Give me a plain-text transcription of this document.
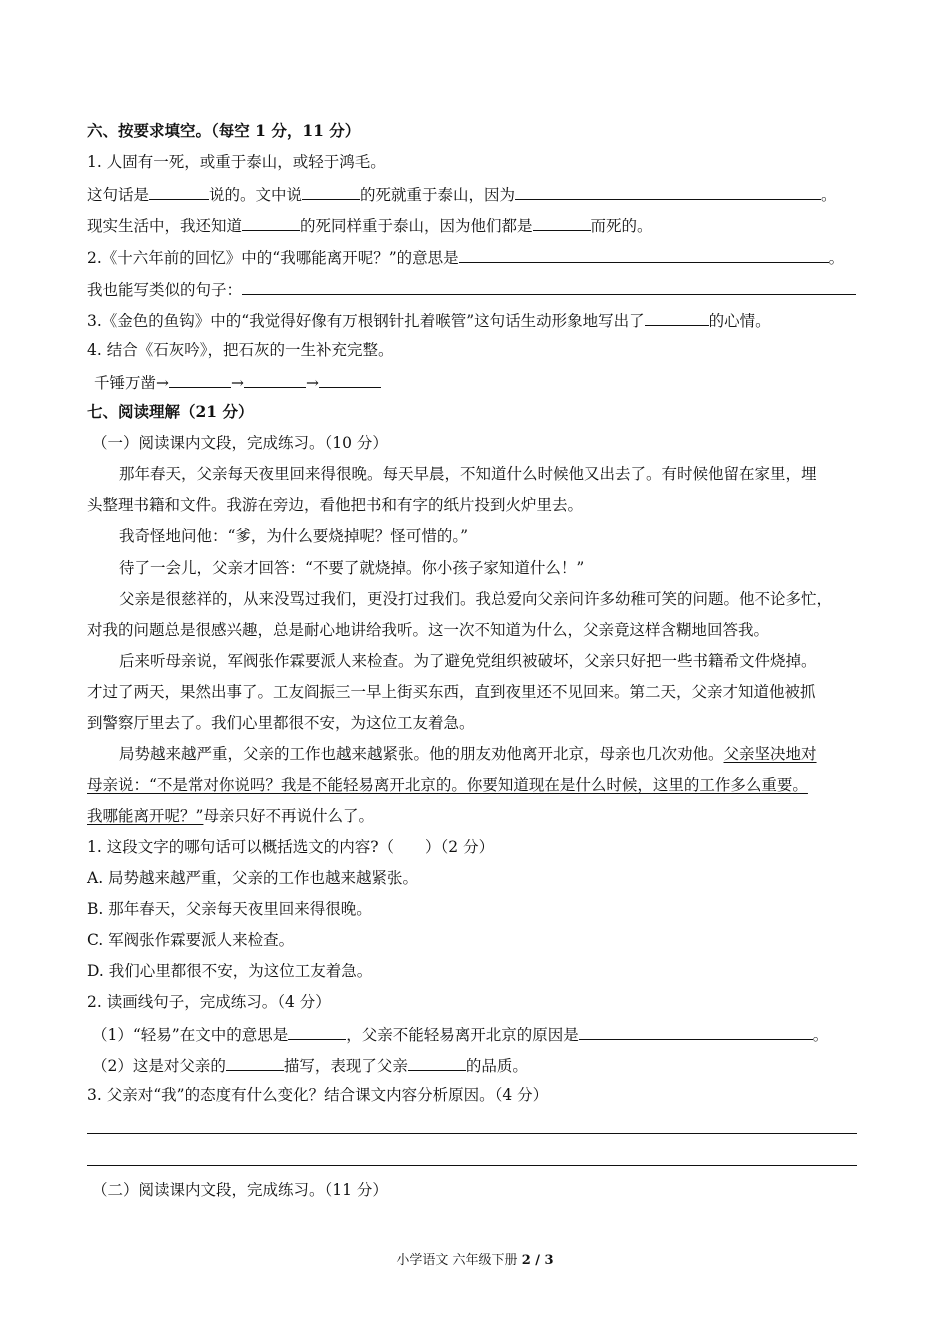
六、按要求填空。（每空 1 分，11 分）
1. 人固有一死，或重于泰山，或轻于鸿毛。
这句话是	说的。文中说	的死就重于泰山，因为	。
现实生活中，我还知道	的死同样重于泰山，因为他们都是	而死的。
2.《十六年前的回忆》中的“我哪能离开呢？”的意思是	。
我也能写类似的句子：
3.《金色的鱼钩》中的“我觉得好像有万根钢针扎着喉管”这句话生动形象地写出了	的心情。
4. 结合《石灰吟》，把石灰的一生补充完整。
千锤万凿→	→	→
七、阅读理解（21 分）
（一）阅读课内文段，完成练习。（10 分）
那年春天，父亲每天夜里回来得很晚。每天早晨，不知道什么时候他又出去了。有时候他留在家里，埋
头整理书籍和文件。我游在旁边，看他把书和有字的纸片投到火炉里去。
我奇怪地问他：“爹，为什么要烧掉呢？怪可惜的。”
待了一会儿，父亲才回答：“不要了就烧掉。你小孩子家知道什么！”
父亲是很慈祥的，从来没骂过我们，更没打过我们。我总爱向父亲问许多幼稚可笑的问题。他不论多忙，
对我的问题总是很感兴趣，总是耐心地讲给我听。这一次不知道为什么，父亲竟这样含糊地回答我。
后来听母亲说，军阀张作霖要派人来检查。为了避免党组织被破坏，父亲只好把一些书籍希文件烧掉。
才过了两天，果然出事了。工友阎振三一早上街买东西，直到夜里还不见回来。第二天，父亲才知道他被抓
到警察厅里去了。我们心里都很不安，为这位工友着急。
局势越来越严重，父亲的工作也越来越紧张。他的朋友劝他离开北京，母亲也几次劝他。父亲坚决地对
母亲说：“不是常对你说吗？我是不能轻易离开北京的。你要知道现在是什么时候，这里的工作多么重要。
我哪能离开呢？”母亲只好不再说什么了。
1. 这段文字的哪句话可以概括选文的内容?（　　）（2 分）
A. 局势越来越严重，父亲的工作也越来越紧张。
B. 那年春天，父亲每天夜里回来得很晚。
C. 军阀张作霖要派人来检查。
D. 我们心里都很不安，为这位工友着急。
2. 读画线句子，完成练习。（4 分）
（1）“轻易”在文中的意思是	，父亲不能轻易离开北京的原因是	。
（2）这是对父亲的	描写，表现了父亲	的品质。
3. 父亲对“我”的态度有什么变化？结合课文内容分析原因。（4 分）
（二）阅读课内文段，完成练习。（11 分）
小学语文 六年级下册 2 / 3
